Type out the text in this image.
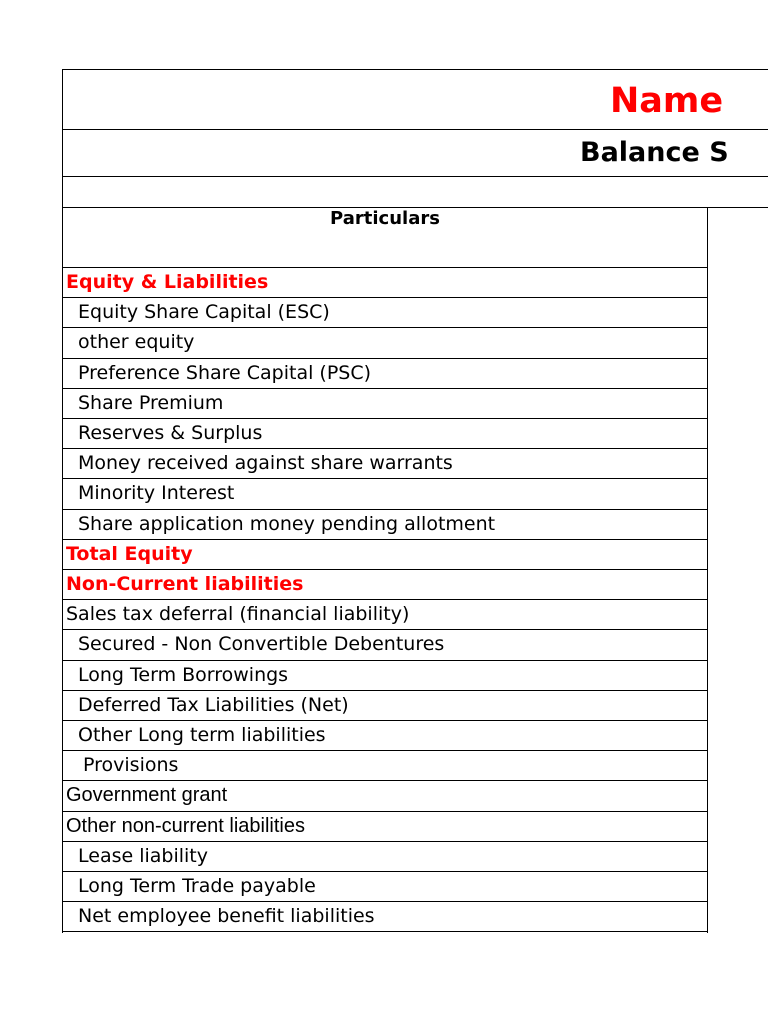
Name
Balance S
Particulars
Equity & Liabilities
Equity Share Capital (ESC)
other equity
Preference Share Capital (PSC)
Share Premium
Reserves & Surplus
Money received against share warrants
Minority Interest
Share application money pending allotment
Total Equity
Non-Current liabilities
Sales tax deferral (financial liability)
Secured - Non Convertible Debentures
Long Term Borrowings
Deferred Tax Liabilities (Net)
Other Long term liabilities
Provisions
Government grant
Other non-current liabilities
Lease liability
Long Term Trade payable
Net employee benefit liabilities
